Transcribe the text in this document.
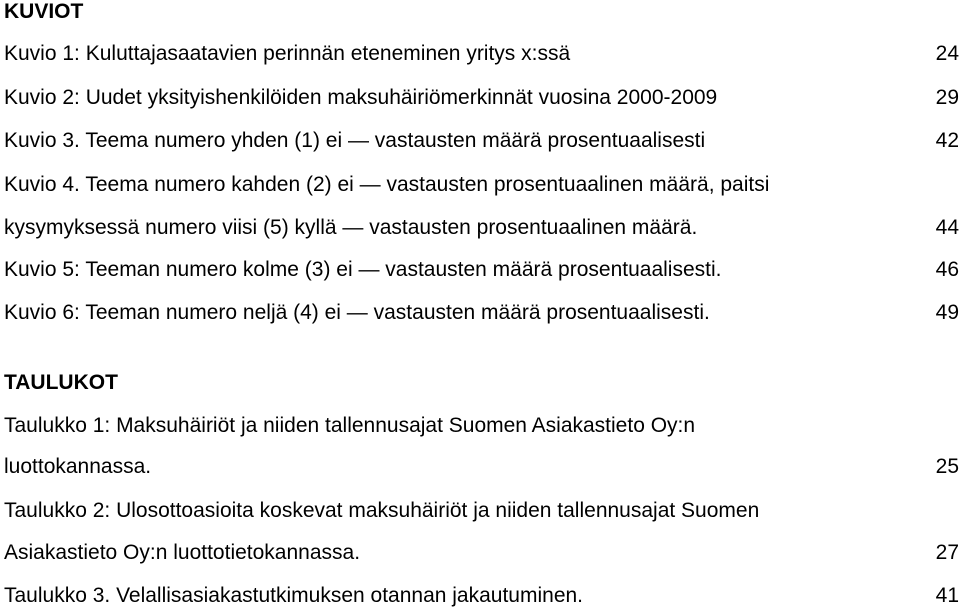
KUVIOT
Kuvio 1: Kuluttajasaatavien perinnän eteneminen yritys x:ssä	24
Kuvio 2: Uudet yksityishenkilöiden maksuhäiriömerkinnät vuosina 2000-2009	29
Kuvio 3. Teema numero yhden (1) ei — vastausten määrä prosentuaalisesti	42
Kuvio 4. Teema numero kahden (2) ei — vastausten prosentuaalinen määrä, paitsi
kysymyksessä numero viisi (5) kyllä — vastausten prosentuaalinen määrä.	44
Kuvio 5: Teeman numero kolme (3) ei — vastausten määrä prosentuaalisesti.	46
Kuvio 6: Teeman numero neljä (4) ei — vastausten määrä prosentuaalisesti.	49
TAULUKOT
Taulukko 1: Maksuhäiriöt ja niiden tallennusajat Suomen Asiakastieto Oy:n
luottokannassa.	25
Taulukko 2: Ulosottoasioita koskevat maksuhäiriöt ja niiden tallennusajat Suomen
Asiakastieto Oy:n luottotietokannassa.	27
Taulukko 3. Velallisasiakastutkimuksen otannan jakautuminen.	41
